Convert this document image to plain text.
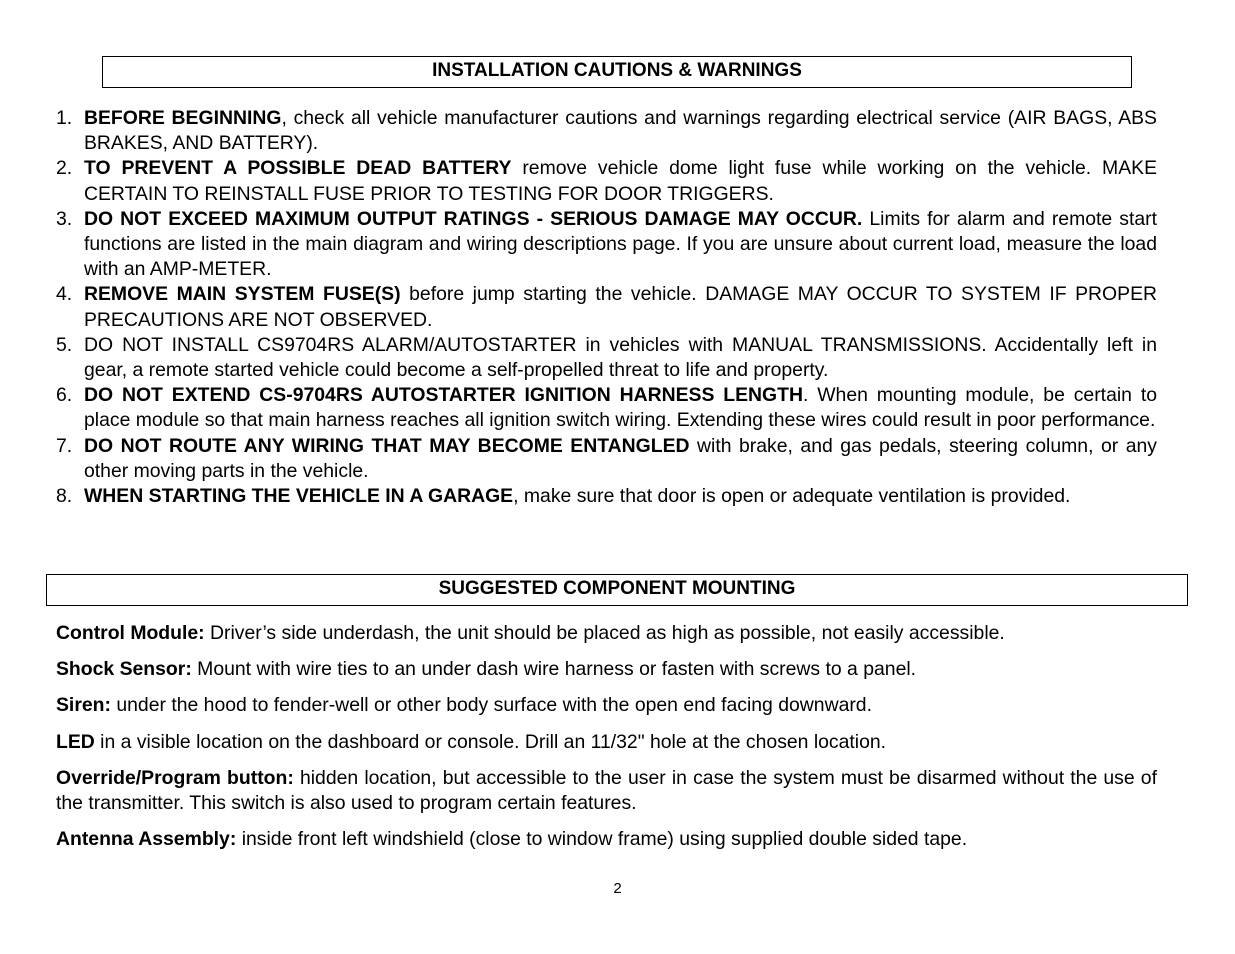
INSTALLATION CAUTIONS & WARNINGS
1. BEFORE BEGINNING, check all vehicle manufacturer cautions and warnings regarding electrical service (AIR BAGS, ABS BRAKES, AND BATTERY).
2. TO PREVENT A POSSIBLE DEAD BATTERY remove vehicle dome light fuse while working on the vehicle. MAKE CERTAIN TO REINSTALL FUSE PRIOR TO TESTING FOR DOOR TRIGGERS.
3. DO NOT EXCEED MAXIMUM OUTPUT RATINGS - SERIOUS DAMAGE MAY OCCUR. Limits for alarm and remote start functions are listed in the main diagram and wiring descriptions page. If you are unsure about current load, measure the load with an AMP-METER.
4. REMOVE MAIN SYSTEM FUSE(S) before jump starting the vehicle. DAMAGE MAY OCCUR TO SYSTEM IF PROPER PRECAUTIONS ARE NOT OBSERVED.
5. DO NOT INSTALL CS9704RS ALARM/AUTOSTARTER in vehicles with MANUAL TRANSMISSIONS. Accidentally left in gear, a remote started vehicle could become a self-propelled threat to life and property.
6. DO NOT EXTEND CS-9704RS AUTOSTARTER IGNITION HARNESS LENGTH. When mounting module, be certain to place module so that main harness reaches all ignition switch wiring. Extending these wires could result in poor performance.
7. DO NOT ROUTE ANY WIRING THAT MAY BECOME ENTANGLED with brake, and gas pedals, steering column, or any other moving parts in the vehicle.
8. WHEN STARTING THE VEHICLE IN A GARAGE, make sure that door is open or adequate ventilation is provided.
SUGGESTED COMPONENT MOUNTING

Control Module: Driver’s side underdash, the unit should be placed as high as possible, not easily accessible.

Shock Sensor: Mount with wire ties to an under dash wire harness or fasten with screws to a panel.

Siren: under the hood to fender-well or other body surface with the open end facing downward.

LED in a visible location on the dashboard or console. Drill an 11/32" hole at the chosen location.

Override/Program button: hidden location, but accessible to the user in case the system must be disarmed without the use of the transmitter. This switch is also used to program certain features.

Antenna Assembly: inside front left windshield (close to window frame) using supplied double sided tape.

2
